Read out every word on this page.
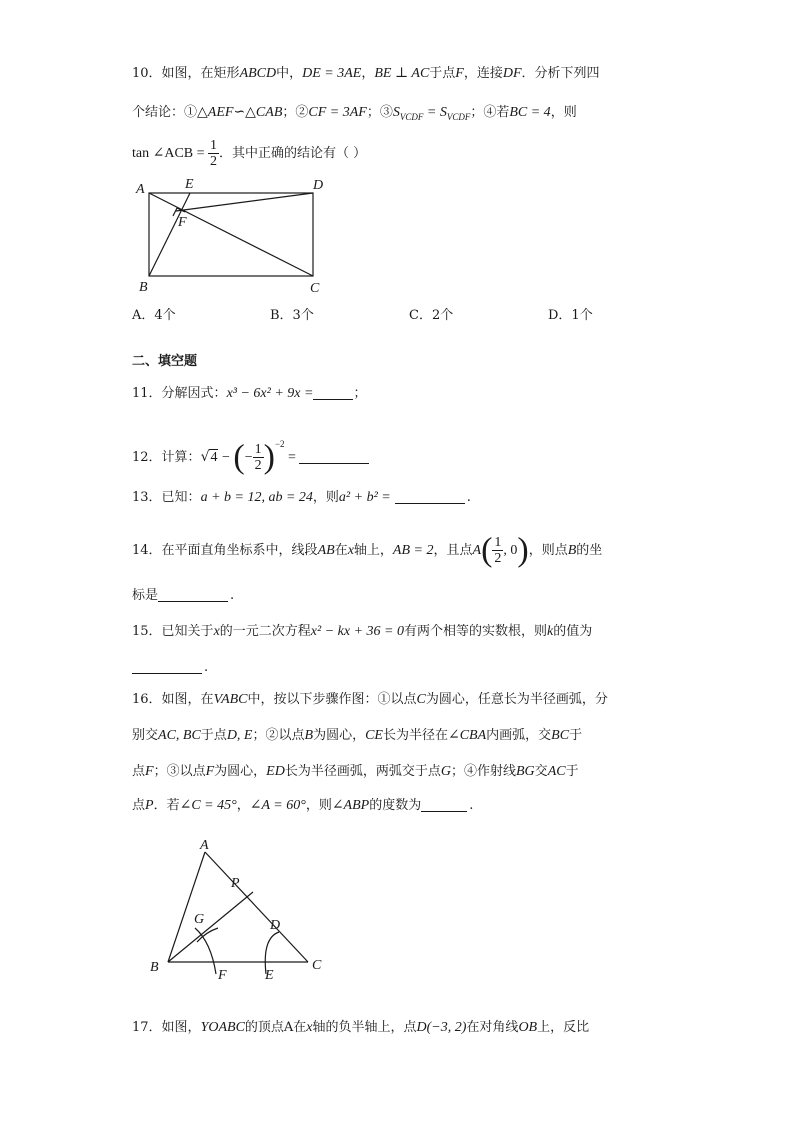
10．如图，在矩形ABCD中，DE = 3AE，BE ⊥ AC于点F，连接DF．分析下列四
个结论：①△AEF∽△CAB；②CF = 3AF；$③S_{VCDF} = S_{VCDF}$；④若BC = 4，则
tan ∠ACB = $\frac{1}{2}$ ．其中正确的结论有（ ）
A	E	D
F
B	C
A．4个	B．3个	C．2个	D．1个
二、填空题
11．分解因式：x³ − 6x² + 9x =	；
12．计算：√4 − (− $\frac{1}{2} )^{-2}$ =
13．已知：a + b = 12, ab = 24，则a² + b² =	.
14．在平面直角坐标系中，线段AB在x轴上，AB = 2，且点$A( \frac{1}{2}$ , 0)，则点B的坐
标是	.
15．已知关于x的一元二次方程x² − kx + 36 = 0有两个相等的实数根，则k的值为
.
16．如图，在VABC中，按以下步骤作图：①以点C为圆心，任意长为半径画弧，分
别交AC, BC于点D, E；②以点B为圆心，CE长为半径在∠CBA内画弧，交BC于
点F；③以点F为圆心，ED长为半径画弧，两弧交于点G；④作射线BG交AC于
点P．若∠C = 45°，∠A = 60°，则∠ABP的度数为	.
A
P
G	D
B
F	E
C
17．如图，YOABC的顶点A在x轴的负半轴上，点D(−3, 2)在对角线OB上，反比
